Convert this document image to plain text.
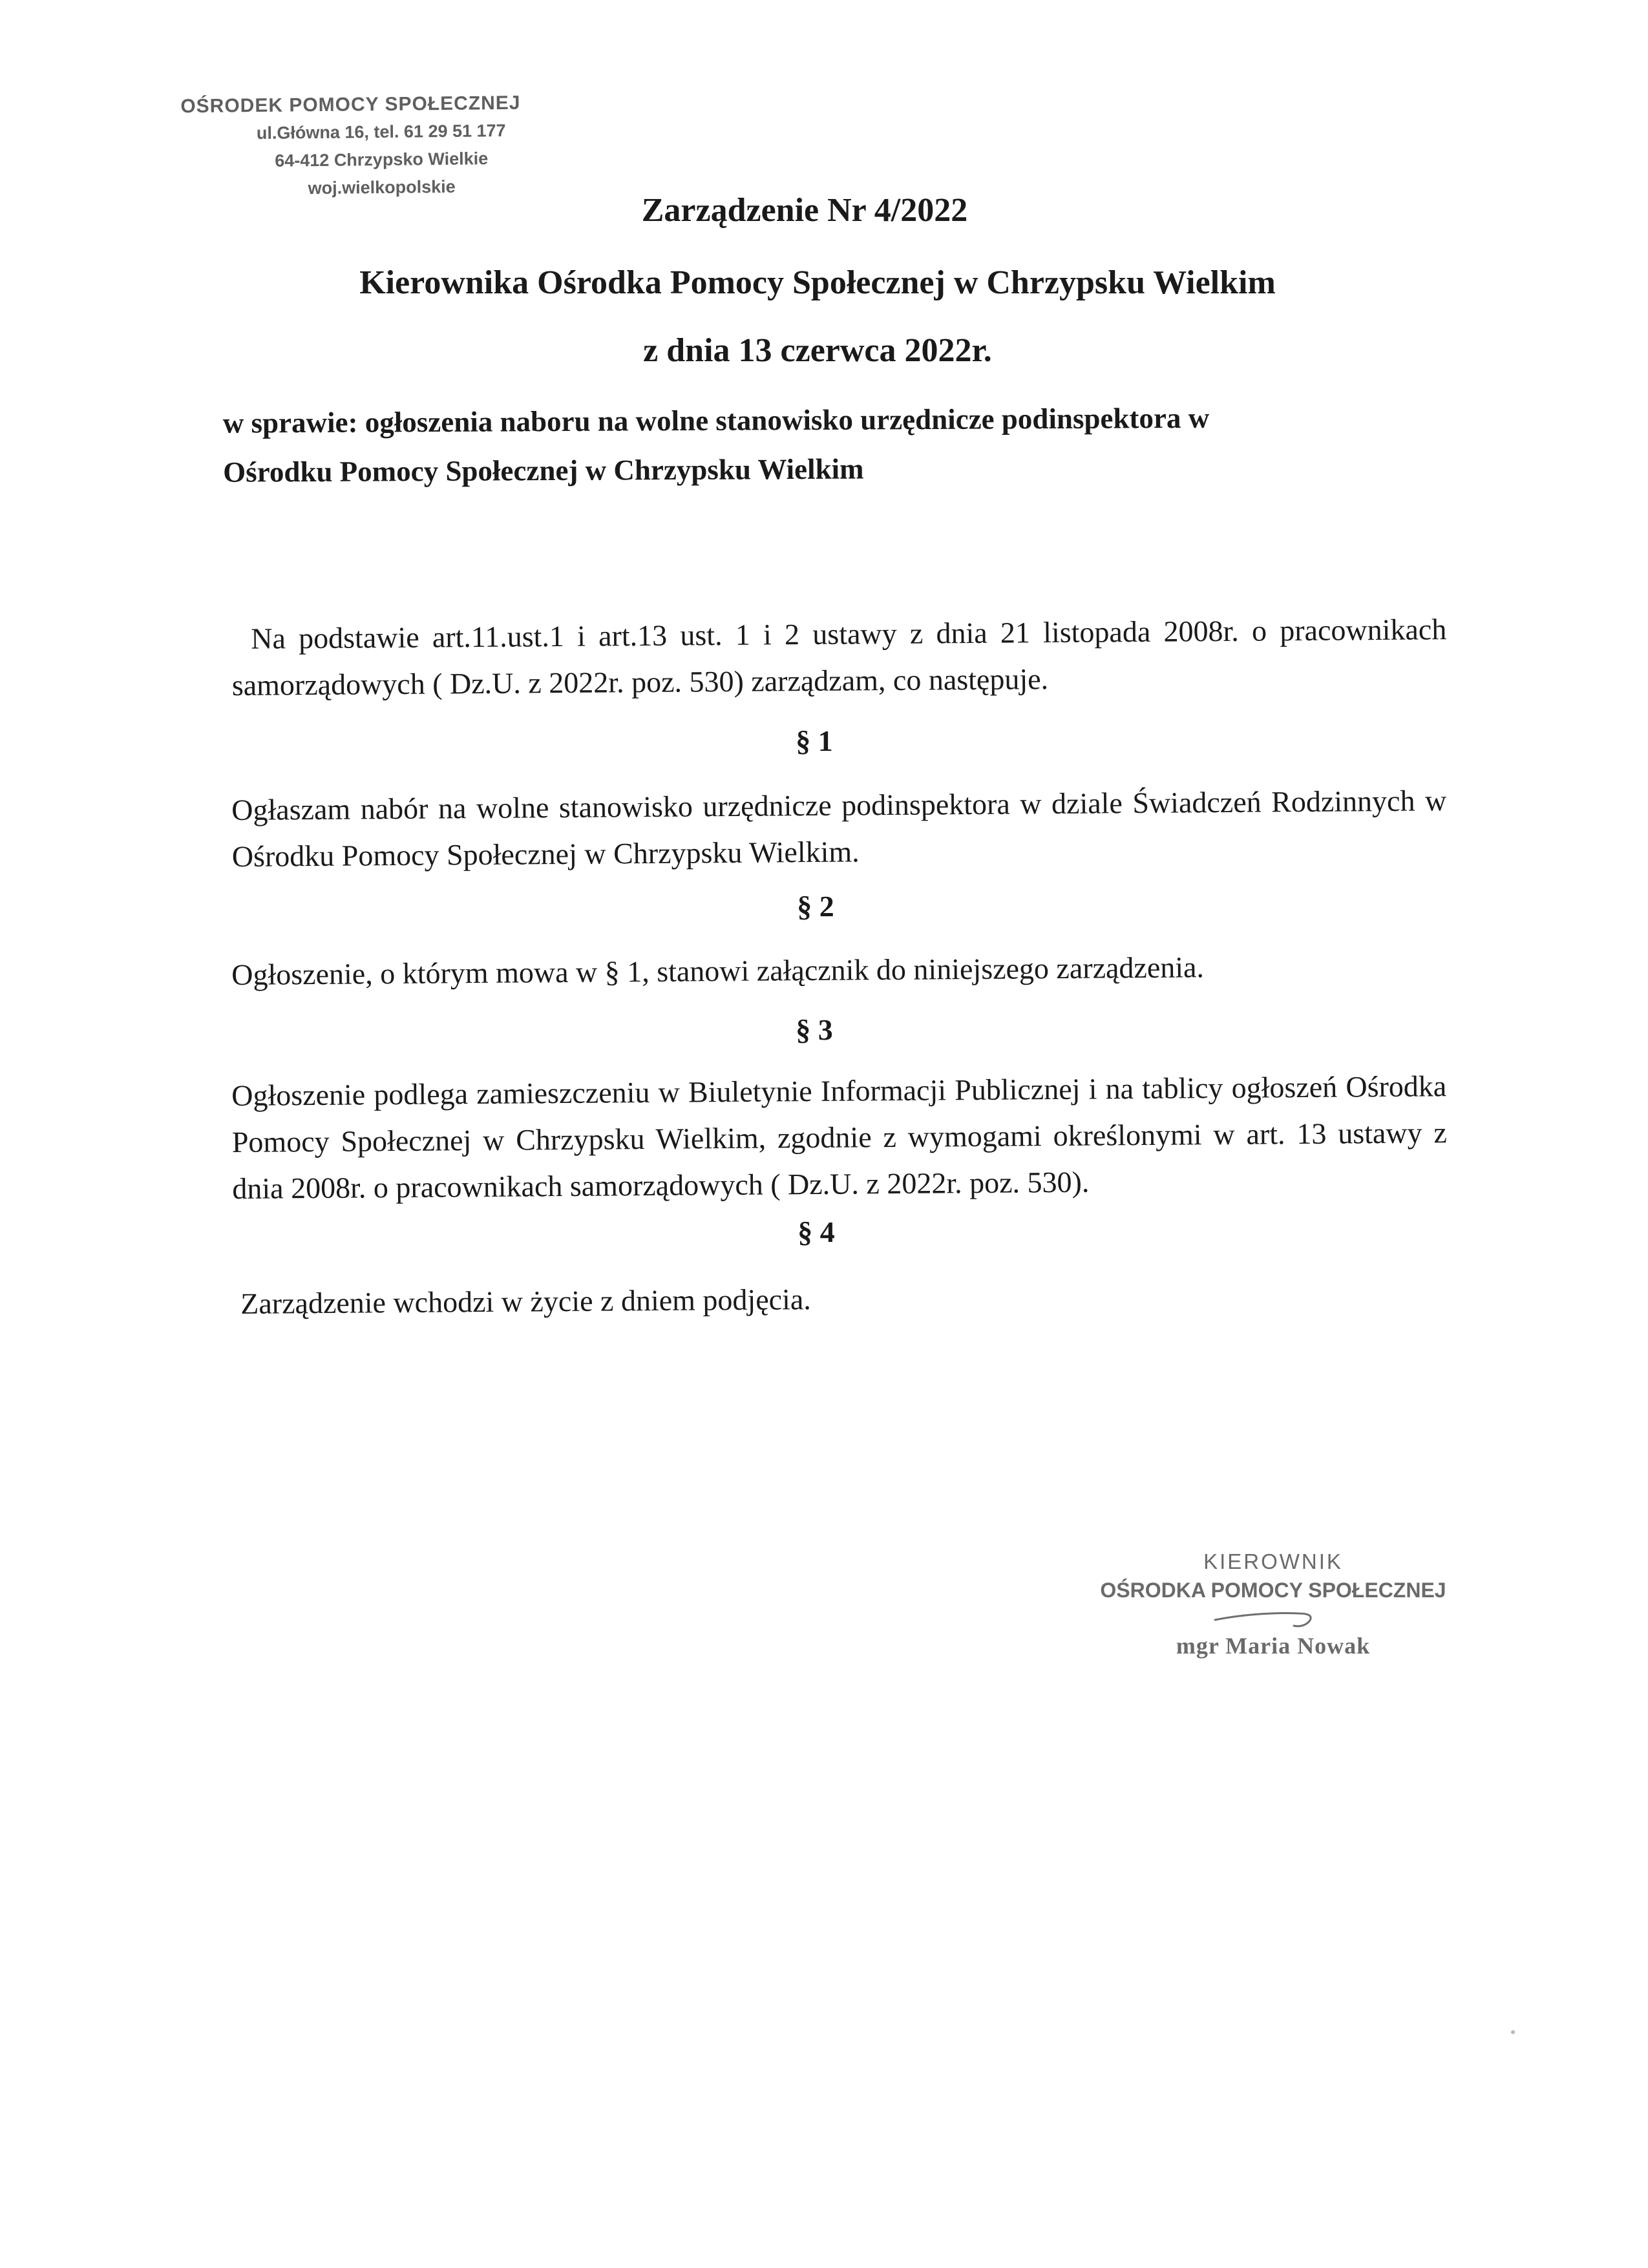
OŚRODEK POMOCY SPOŁECZNEJ
ul.Główna 16, tel. 61 29 51 177
64-412 Chrzypsko Wielkie
woj.wielkopolskie
Zarządzenie Nr 4/2022
Kierownika Ośrodka Pomocy Społecznej w Chrzypsku Wielkim
z dnia 13 czerwca 2022r.
w sprawie: ogłoszenia naboru na wolne stanowisko urzędnicze podinspektora w
Ośrodku Pomocy Społecznej w Chrzypsku Wielkim
Na podstawie art.11.ust.1 i art.13 ust. 1 i 2 ustawy z dnia 21 listopada 2008r. o pracownikach samorządowych ( Dz.U. z 2022r. poz. 530) zarządzam, co następuje.
§ 1
Ogłaszam nabór na wolne stanowisko urzędnicze podinspektora w dziale Świadczeń Rodzinnych w Ośrodku Pomocy Społecznej w Chrzypsku Wielkim.
§ 2
Ogłoszenie, o którym mowa w § 1, stanowi załącznik do niniejszego zarządzenia.
§ 3
Ogłoszenie podlega zamieszczeniu w Biuletynie Informacji Publicznej i na tablicy ogłoszeń Ośrodka Pomocy Społecznej w Chrzypsku Wielkim, zgodnie z wymogami określonymi w art. 13 ustawy z dnia 2008r. o pracownikach samorządowych ( Dz.U. z 2022r. poz. 530).
§ 4
Zarządzenie wchodzi w życie z dniem podjęcia.
KIEROWNIK
OŚRODKA POMOCY SPOŁECZNEJ
mgr Maria Nowak
